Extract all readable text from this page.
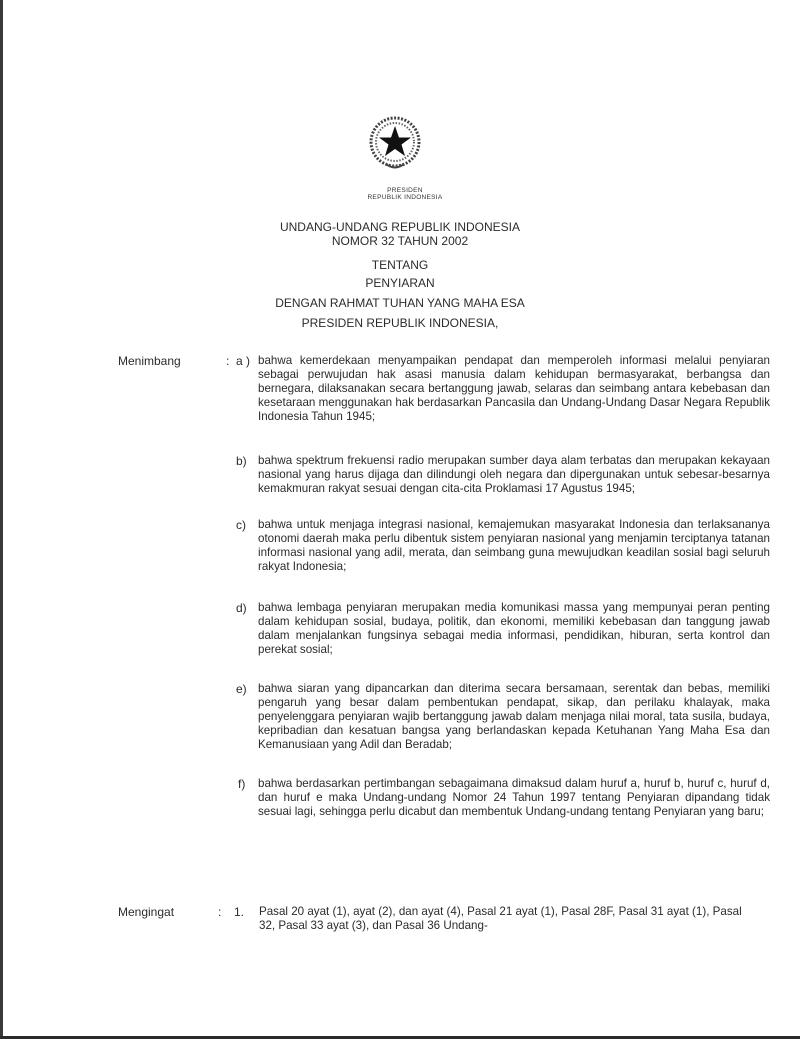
PRESIDEN
REPUBLIK INDONESIA
UNDANG-UNDANG REPUBLIK INDONESIA
NOMOR 32 TAHUN 2002
TENTANG
PENYIARAN
DENGAN RAHMAT TUHAN YANG MAHA ESA
PRESIDEN REPUBLIK INDONESIA,
Menimbang	: a ) bahwa kemerdekaan menyampaikan pendapat dan memperoleh informasi melalui penyiaran sebagai perwujudan hak asasi manusia dalam kehidupan bermasyarakat, berbangsa dan bernegara, dilaksanakan secara bertanggung jawab, selaras dan seimbang antara kebebasan dan kesetaraan menggunakan hak berdasarkan Pancasila dan Undang-Undang Dasar Negara Republik Indonesia Tahun 1945;
b) bahwa spektrum frekuensi radio merupakan sumber daya alam terbatas dan merupakan kekayaan nasional yang harus dijaga dan dilindungi oleh negara dan dipergunakan untuk sebesar-besarnya kemakmuran rakyat sesuai dengan cita-cita Proklamasi 17 Agustus 1945;
c) bahwa untuk menjaga integrasi nasional, kemajemukan masyarakat Indonesia dan terlaksananya otonomi daerah maka perlu dibentuk sistem penyiaran nasional yang menjamin terciptanya tatanan informasi nasional yang adil, merata, dan seimbang guna mewujudkan keadilan sosial bagi seluruh rakyat Indonesia;
d) bahwa lembaga penyiaran merupakan media komunikasi massa yang mempunyai peran penting dalam kehidupan sosial, budaya, politik, dan ekonomi, memiliki kebebasan dan tanggung jawab dalam menjalankan fungsinya sebagai media informasi, pendidikan, hiburan, serta kontrol dan perekat sosial;
e) bahwa siaran yang dipancarkan dan diterima secara bersamaan, serentak dan bebas, memiliki pengaruh yang besar dalam pembentukan pendapat, sikap, dan perilaku khalayak, maka penyelenggara penyiaran wajib bertanggung jawab dalam menjaga nilai moral, tata susila, budaya, kepribadian dan kesatuan bangsa yang berlandaskan kepada Ketuhanan Yang Maha Esa dan Kemanusiaan yang Adil dan Beradab;
f) bahwa berdasarkan pertimbangan sebagaimana dimaksud dalam huruf a, huruf b, huruf c, huruf d, dan huruf e maka Undang-undang Nomor 24 Tahun 1997 tentang Penyiaran dipandang tidak sesuai lagi, sehingga perlu dicabut dan membentuk Undang-undang tentang Penyiaran yang baru;
Mengingat	: 1. Pasal 20 ayat (1), ayat (2), dan ayat (4), Pasal 21 ayat (1), Pasal 28F, Pasal 31 ayat (1), Pasal 32, Pasal 33 ayat (3), dan Pasal 36 Undang-
